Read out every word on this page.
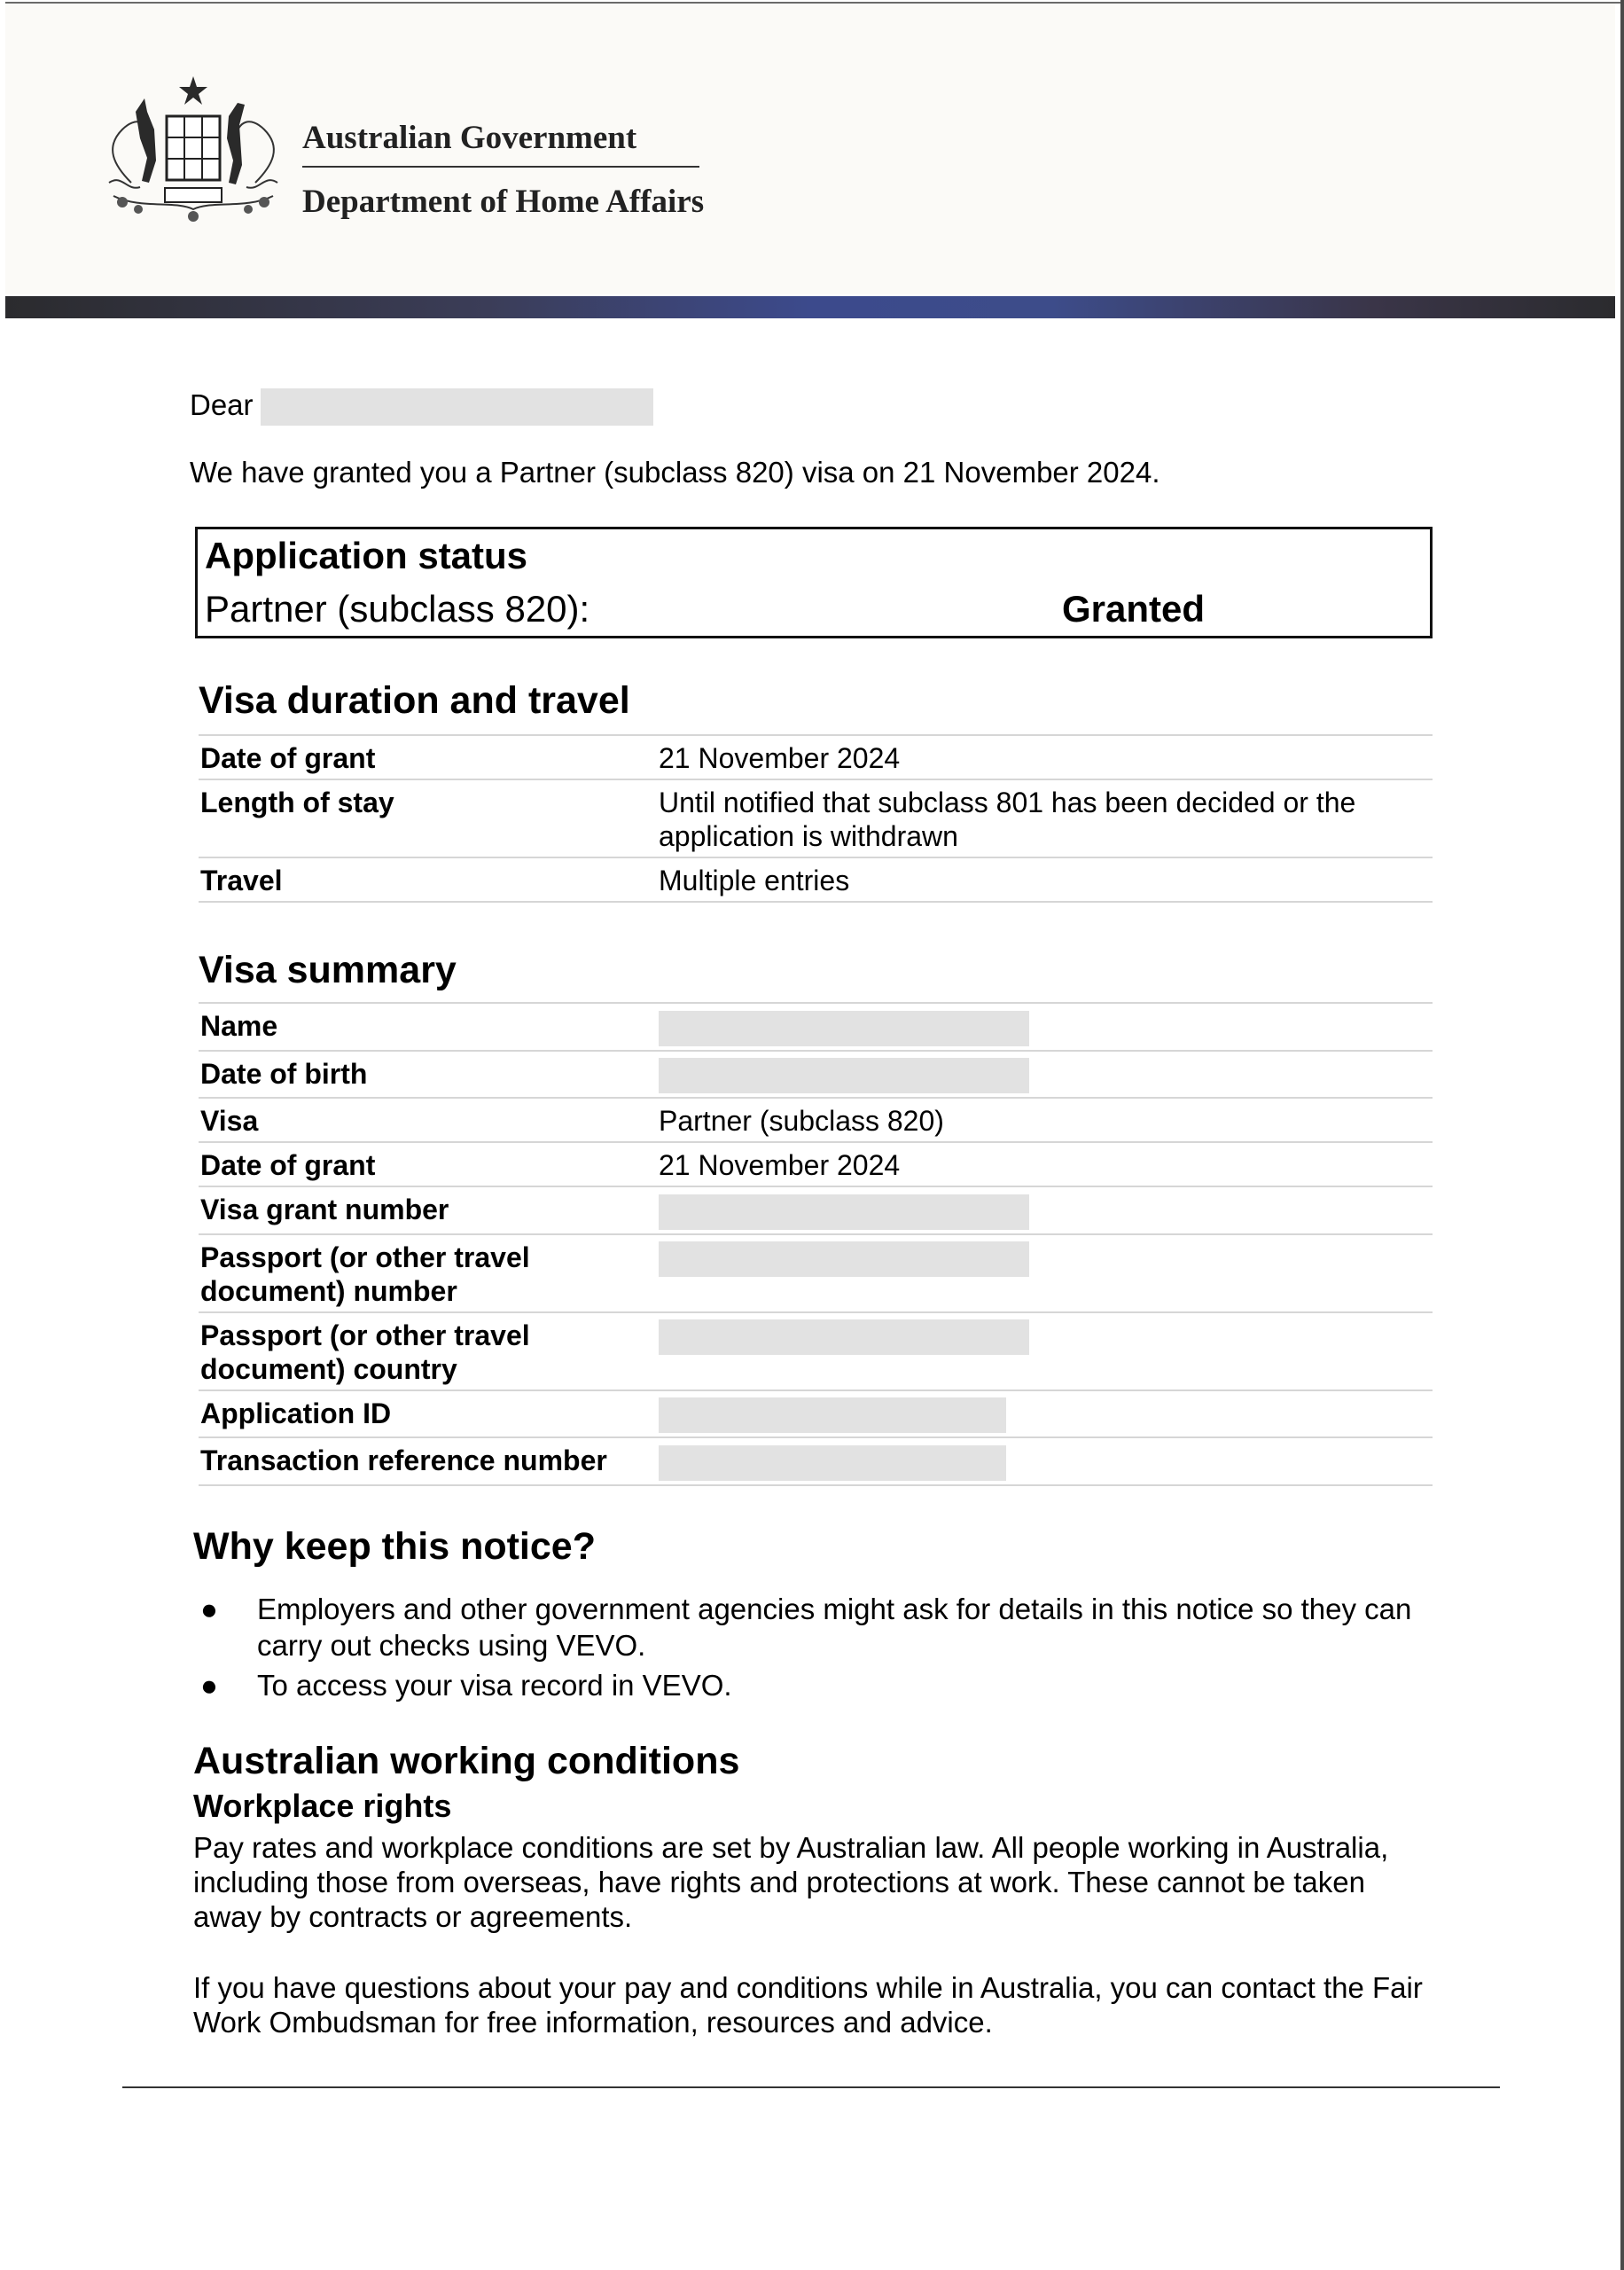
Australian Government
Department of Home Affairs
Dear
We have granted you a Partner (subclass 820) visa on 21 November 2024.
Application status
Partner (subclass 820):	Granted
Visa duration and travel
Date of grant	21 November 2024
Length of stay	Until notified that subclass 801 has been decided or the application is withdrawn
Travel	Multiple entries
Visa summary
Name	
Date of birth	
Visa	Partner (subclass 820)
Date of grant	21 November 2024
Visa grant number	
Passport (or other travel document) number	
Passport (or other travel document) country	
Application ID	
Transaction reference number	
Why keep this notice?
● Employers and other government agencies might ask for details in this notice so they can carry out checks using VEVO.
● To access your visa record in VEVO.
Australian working conditions
Workplace rights
Pay rates and workplace conditions are set by Australian law. All people working in Australia, including those from overseas, have rights and protections at work. These cannot be taken away by contracts or agreements.
If you have questions about your pay and conditions while in Australia, you can contact the Fair Work Ombudsman for free information, resources and advice.
